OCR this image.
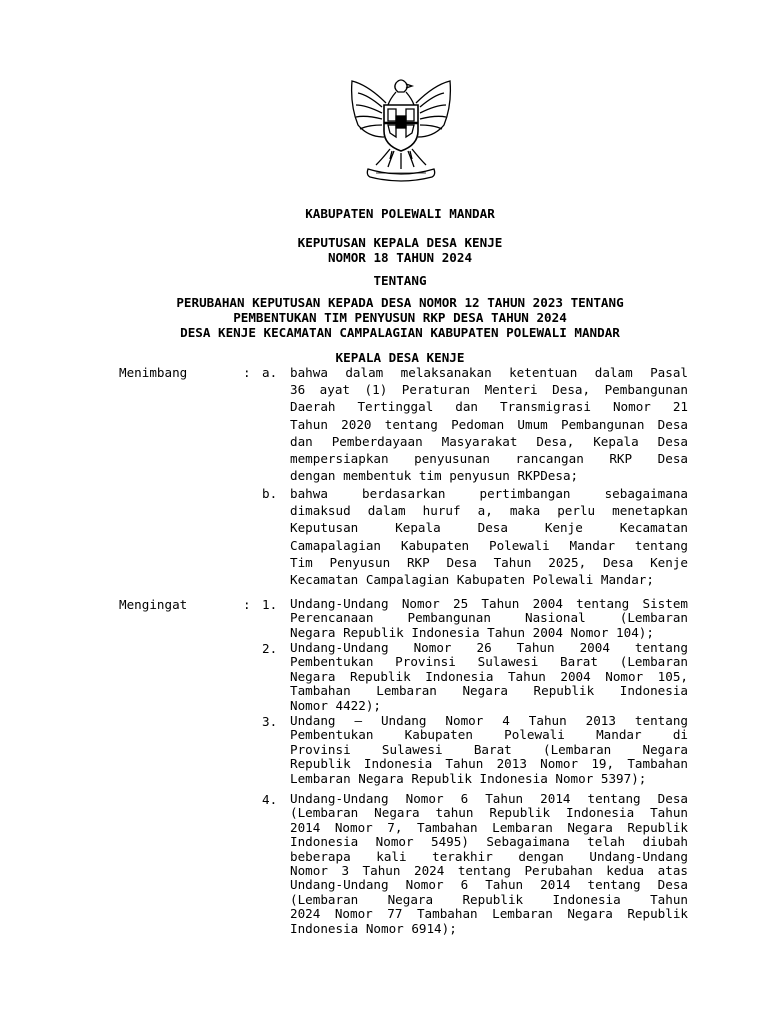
KABUPATEN POLEWALI MANDAR
KEPUTUSAN KEPALA DESA KENJE
NOMOR 18 TAHUN 2024
TENTANG
PERUBAHAN KEPUTUSAN KEPADA DESA NOMOR 12 TAHUN 2023 TENTANG
PEMBENTUKAN TIM PENYUSUN RKP DESA TAHUN 2024
DESA KENJE KECAMATAN CAMPALAGIAN KABUPATEN POLEWALI MANDAR
KEPALA DESA KENJE
Menimbang	: a. bahwa dalam melaksanakan ketentuan dalam Pasal
36 ayat (1) Peraturan Menteri Desa, Pembangunan
Daerah Tertinggal dan Transmigrasi Nomor 21
Tahun 2020 tentang Pedoman Umum Pembangunan Desa
dan Pemberdayaan Masyarakat Desa, Kepala Desa
mempersiapkan penyusunan rancangan RKP Desa
dengan membentuk tim penyusun RKPDesa;
b. bahwa berdasarkan pertimbangan sebagaimana
dimaksud dalam huruf a, maka perlu menetapkan
Keputusan Kepala Desa Kenje Kecamatan
Camapalagian Kabupaten Polewali Mandar tentang
Tim Penyusun RKP Desa Tahun 2025, Desa Kenje
Kecamatan Campalagian Kabupaten Polewali Mandar;
Mengingat	: 1. Undang-Undang Nomor 25 Tahun 2004 tentang Sistem
Perencanaan Pembangunan Nasional (Lembaran
Negara Republik Indonesia Tahun 2004 Nomor 104);
2. Undang-Undang Nomor 26 Tahun 2004 tentang
Pembentukan Provinsi Sulawesi Barat (Lembaran
Negara Republik Indonesia Tahun 2004 Nomor 105,
Tambahan Lembaran Negara Republik Indonesia
Nomor 4422);
3. Undang – Undang Nomor 4 Tahun 2013 tentang
Pembentukan Kabupaten Polewali Mandar di
Provinsi Sulawesi Barat (Lembaran Negara
Republik Indonesia Tahun 2013 Nomor 19, Tambahan
Lembaran Negara Republik Indonesia Nomor 5397);
4. Undang-Undang Nomor 6 Tahun 2014 tentang Desa
(Lembaran Negara tahun Republik Indonesia Tahun
2014 Nomor 7, Tambahan Lembaran Negara Republik
Indonesia Nomor 5495) Sebagaimana telah diubah
beberapa kali terakhir dengan Undang-Undang
Nomor 3 Tahun 2024 tentang Perubahan kedua atas
Undang-Undang Nomor 6 Tahun 2014 tentang Desa
(Lembaran Negara Republik Indonesia Tahun
2024 Nomor 77 Tambahan Lembaran Negara Republik
Indonesia Nomor 6914);
